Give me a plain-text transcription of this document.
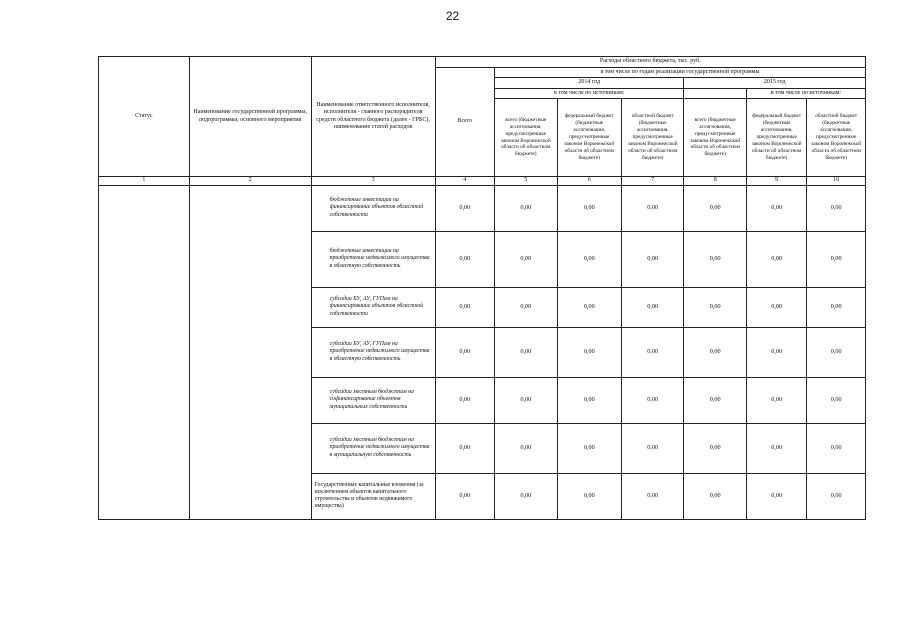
22
Статус	Наименование государственной программы, подпрограммы, основного мероприятия	Наименование ответственного исполнителя, исполнителя - главного распорядителя средств областного бюджета (далее - ГРБС), наименование статей расходов	Расходы областного бюджета, тыс. руб.						
			Всего	в том числе по годам реализации государственной программы					
				2014 год			2015 год		
				в том числе по источникам:				в том числе по источникам:	
				всего (бюджетные ассигнования, предусмотренные законом Воронежской области об областном бюджете)	федеральный бюджет (бюджетные ассигнования, предусмотренные законом Воронежской области об областном бюджете)	областной бюджет (бюджетные ассигнования, предусмотренные законом Воронежской области об областном бюджете)	всего (бюджетные ассигнования, предусмотренные законом Воронежской области об областном бюджете)	федеральный бюджет (бюджетные ассигнования, предусмотренные законом Воронежской области об областном бюджете)	областной бюджет (бюджетные ассигнования, предусмотренные законом Воронежской области об областном бюджете)
1	2	3	4	5	6	7	8	9	10
		бюджетные инвестиции на финансирование объектов областной собственности	0,00	0,00	0,00	0,00	0,00	0,00	0,00
		бюджетные инвестиции на приобретение недвижимого имущества в областную собственность	0,00	0,00	0,00	0,00	0,00	0,00	0,00
		субсидии БУ, АУ, ГУПам на финансирование объектов областной собственности	0,00	0,00	0,00	0,00	0,00	0,00	0,00
		субсидии БУ, АУ, ГУПам на приобретение недвижимого имущества в областную собственность	0,00	0,00	0,00	0,00	0,00	0,00	0,00
		субсидии местным бюджетам на софинансирование объектов муниципальных собственность	0,00	0,00	0,00	0,00	0,00	0,00	0,00
		субсидии местным бюджетам на приобретение недвижимого имущества в муниципальную собственность	0,00	0,00	0,00	0,00	0,00	0,00	0,00
		Государственные капитальные вложения (за исключением объектов капитального строительства и объектов недвижимого имущества)	0,00	0,00	0,00	0,00	0,00	0,00	0,00
